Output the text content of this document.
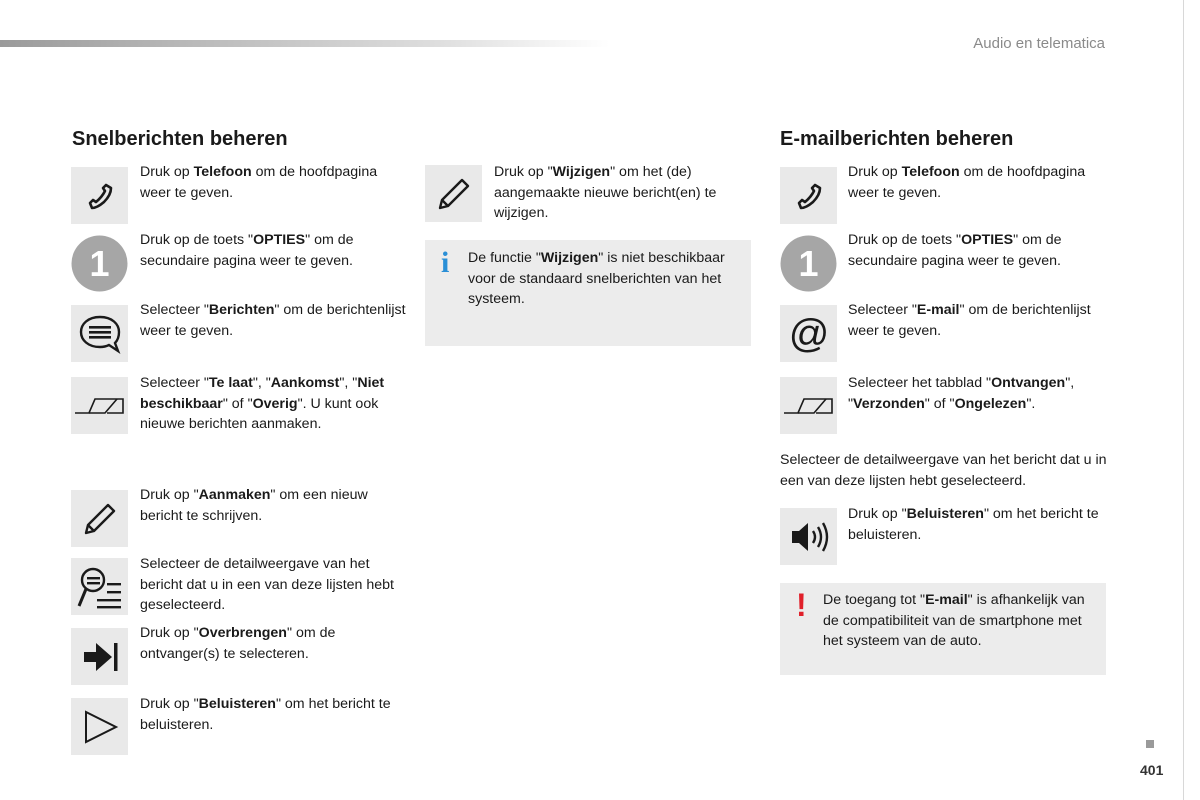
Audio en telematica
Snelberichten beheren
Druk op Telefoon om de hoofdpagina weer te geven.
1
Druk op de toets "OPTIES" om de secundaire pagina weer te geven.
Selecteer "Berichten" om de berichtenlijst weer te geven.
Selecteer "Te laat", "Aankomst", "Niet beschikbaar" of "Overig". U kunt ook nieuwe berichten aanmaken.
Druk op "Aanmaken" om een nieuw bericht te schrijven.
Selecteer de detailweergave van het bericht dat u in een van deze lijsten hebt geselecteerd.
Druk op "Overbrengen" om de ontvanger(s) te selecteren.
Druk op "Beluisteren" om het bericht te beluisteren.
Druk op "Wijzigen" om het (de) aangemaakte nieuwe bericht(en) te wijzigen.
i De functie "Wijzigen" is niet beschikbaar voor de standaard snelberichten van het systeem.
E-mailberichten beheren
Druk op Telefoon om de hoofdpagina weer te geven.
1
Druk op de toets "OPTIES" om de secundaire pagina weer te geven.
@
Selecteer "E-mail" om de berichtenlijst weer te geven.
Selecteer het tabblad "Ontvangen", "Verzonden" of "Ongelezen".
Selecteer de detailweergave van het bericht dat u in een van deze lijsten hebt geselecteerd.
Druk op "Beluisteren" om het bericht te beluisteren.
! De toegang tot "E-mail" is afhankelijk van de compatibiliteit van de smartphone met het systeem van de auto.
401
